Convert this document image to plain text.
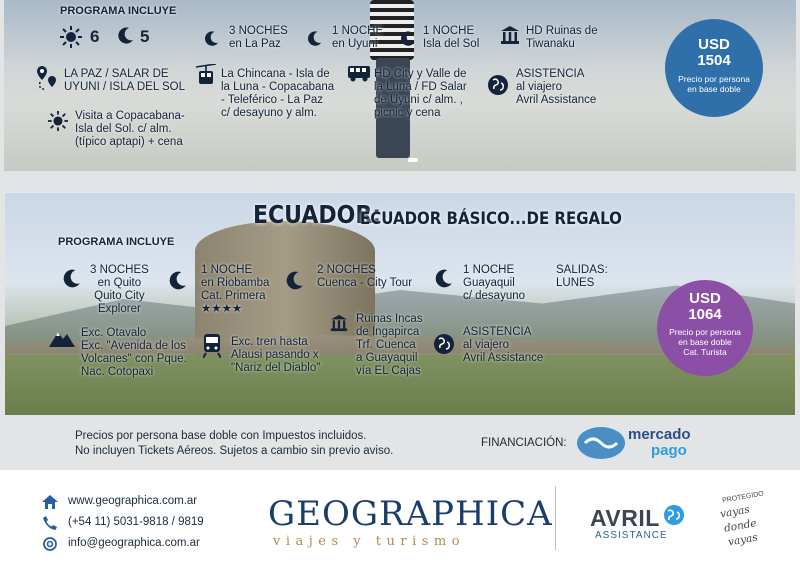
PROGRAMA INCLUYE
6 5	3 NOCHES
en La Paz
1 NOCHE
en Uyuni
1 NOCHE
Isla del Sol
HD Ruinas de
Tiwanaku
LA PAZ / SALAR DE
UYUNI / ISLA DEL SOL
La Chincana - Isla de
la Luna - Copacabana
- Teleférico - La Paz
c/ desayuno y alm.
HD City y Valle de
la Luna / FD Salar
de Uyuni c/ alm. ,
picnic y cena
ASISTENCIA
al viajero
Avril Assistance
Visita a Copacabana-
Isla del Sol. c/ alm.
(típico aptapi) + cena
USD
1504
Precio por persona
en base doble
ECUADOR:
ECUADOR BÁSICO...DE REGALO
PROGRAMA INCLUYE
3 NOCHES
en Quito
Quito City
Explorer
1 NOCHE
en Riobamba
Cat. Primera
★★★★
2 NOCHES
Cuenca - City Tour
1 NOCHE
Guayaquil
c/ desayuno
SALIDAS:
LUNES
Exc. Otavalo
Exc. "Avenida de los
Volcanes" con Pque.
Nac. Cotopaxi
Exc. tren hasta
Alausi pasando x
"Nariz del Diablo"
Ruinas Incas
de Ingapirca
Trf. Cuenca
a Guayaquil
vía EL Cajas
ASISTENCIA
al viajero
Avril Assistance
USD
1064
Precio por persona
en base doble
Cat. Turista
Precios por persona base doble con Impuestos incluidos.
No incluyen Tickets Aéreos. Sujetos a cambio sin previo aviso.
FINANCIACIÓN:	mercado
pago
www.geographica.com.ar
(+54 11) 5031-9818 / 9819
info@geographica.com.ar
GEOGRAPHICA
viajes y turismo
AVRIL
ASSISTANCE
PROTEGIDO
vayas
donde
vayas
